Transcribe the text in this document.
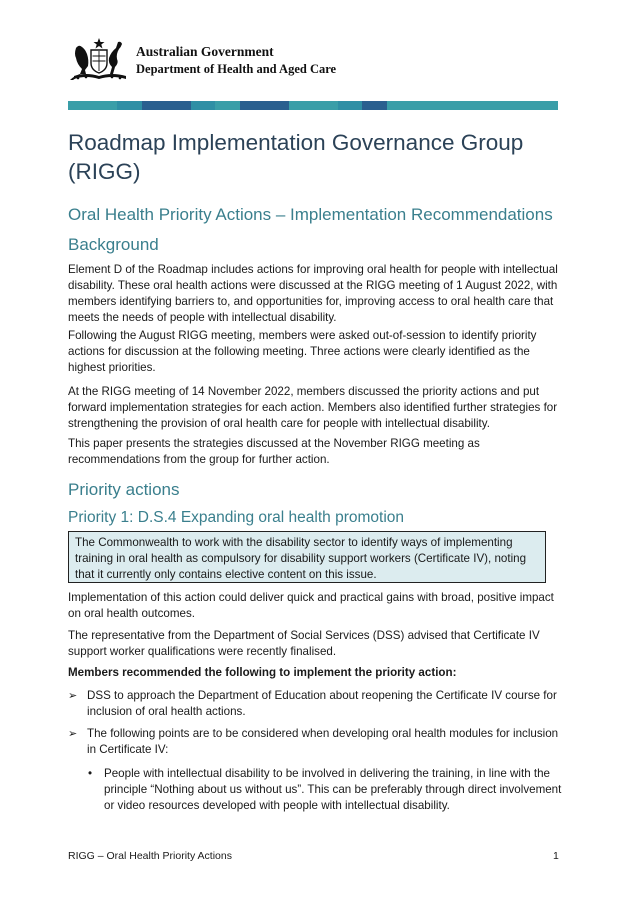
Australian Government
Department of Health and Aged Care
Roadmap Implementation Governance Group (RIGG)
Oral Health Priority Actions – Implementation Recommendations
Background

Element D of the Roadmap includes actions for improving oral health for people with intellectual disability. These oral health actions were discussed at the RIGG meeting of 1 August 2022, with members identifying barriers to, and opportunities for, improving access to oral health care that meets the needs of people with intellectual disability.

Following the August RIGG meeting, members were asked out-of-session to identify priority actions for discussion at the following meeting. Three actions were clearly identified as the highest priorities.

At the RIGG meeting of 14 November 2022, members discussed the priority actions and put forward implementation strategies for each action. Members also identified further strategies for strengthening the provision of oral health care for people with intellectual disability.

This paper presents the strategies discussed at the November RIGG meeting as recommendations from the group for further action.

Priority actions
Priority 1: D.S.4 Expanding oral health promotion
The Commonwealth to work with the disability sector to identify ways of implementing training in oral health as compulsory for disability support workers (Certificate IV), noting that it currently only contains elective content on this issue.

Implementation of this action could deliver quick and practical gains with broad, positive impact on oral health outcomes.

The representative from the Department of Social Services (DSS) advised that Certificate IV support worker qualifications were recently finalised.

Members recommended the following to implement the priority action:

➢ DSS to approach the Department of Education about reopening the Certificate IV course for inclusion of oral health actions.
➢ The following points are to be considered when developing oral health modules for inclusion in Certificate IV:
• People with intellectual disability to be involved in delivering the training, in line with the principle “Nothing about us without us”. This can be preferably through direct involvement or video resources developed with people with intellectual disability.
RIGG – Oral Health Priority Actions	1
